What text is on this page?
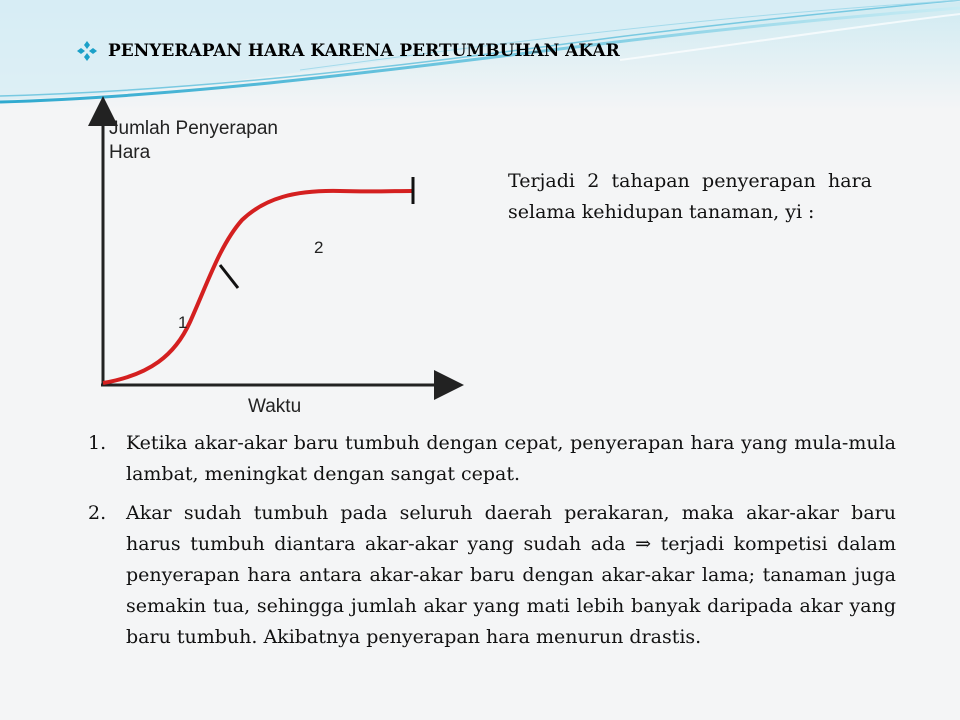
PENYERAPAN HARA KARENA PERTUMBUHAN AKAR
Jumlah Penyerapan
Hara
Waktu
1
2
Terjadi 2 tahapan penyerapan hara selama kehidupan tanaman, yi :
1.	Ketika akar-akar baru tumbuh dengan cepat, penyerapan hara yang mula-mula lambat, meningkat dengan sangat cepat.
2.	Akar sudah tumbuh pada seluruh daerah perakaran, maka akar-akar baru harus tumbuh diantara akar-akar yang sudah ada ⇒ terjadi kompetisi dalam penyerapan hara antara akar-akar baru dengan akar-akar lama; tanaman juga semakin tua, sehingga jumlah akar yang mati lebih banyak daripada akar yang baru tumbuh. Akibatnya penyerapan hara menurun drastis.
